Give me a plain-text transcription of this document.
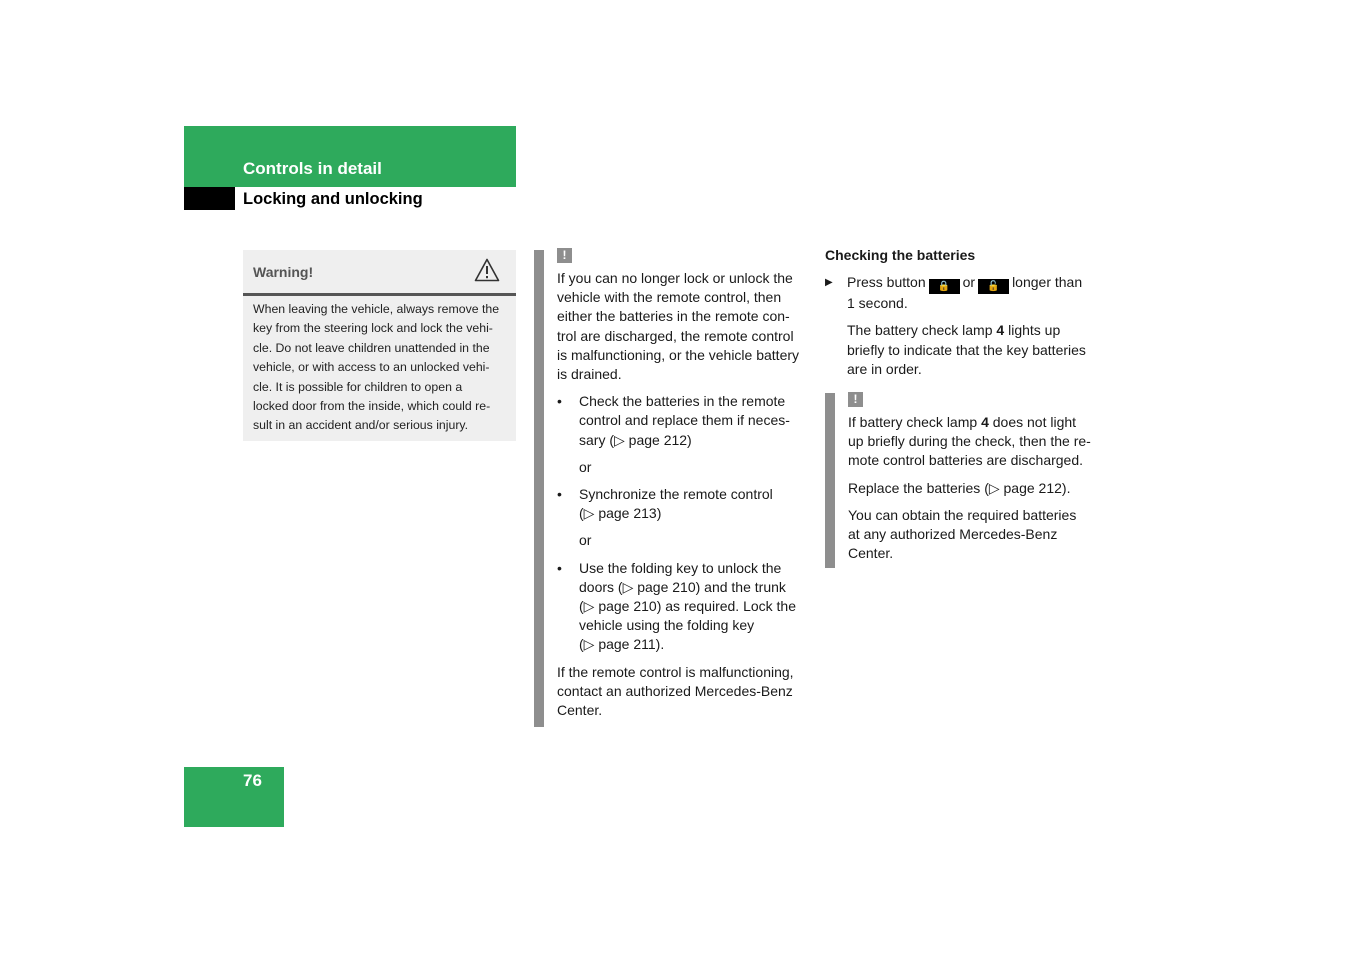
Controls in detail
Locking and unlocking
Warning!
When leaving the vehicle, always remove the
key from the steering lock and lock the vehi-
cle. Do not leave children unattended in the
vehicle, or with access to an unlocked vehi-
cle. It is possible for children to open a
locked door from the inside, which could re-
sult in an accident and/or serious injury.
!

If you can no longer lock or unlock the
vehicle with the remote control, then
either the batteries in the remote con-
trol are discharged, the remote control
is malfunctioning, or the vehicle battery
is drained.

• Check the batteries in the remote
control and replace them if neces-
sary (▷ page 212)

or

• Synchronize the remote control
(▷ page 213)

or

• Use the folding key to unlock the
doors (▷ page 210) and the trunk
(▷ page 210) as required. Lock the
vehicle using the folding key
(▷ page 211).

If the remote control is malfunctioning,
contact an authorized Mercedes-Benz
Center.

Checking the batteries

▶ Press button 🔒 or 🔓 longer than
1 second.

The battery check lamp 4 lights up
briefly to indicate that the key batteries
are in order.

!

If battery check lamp 4 does not light
up briefly during the check, then the re-
mote control batteries are discharged.

Replace the batteries (▷ page 212).

You can obtain the required batteries
at any authorized Mercedes-Benz
Center.

76
